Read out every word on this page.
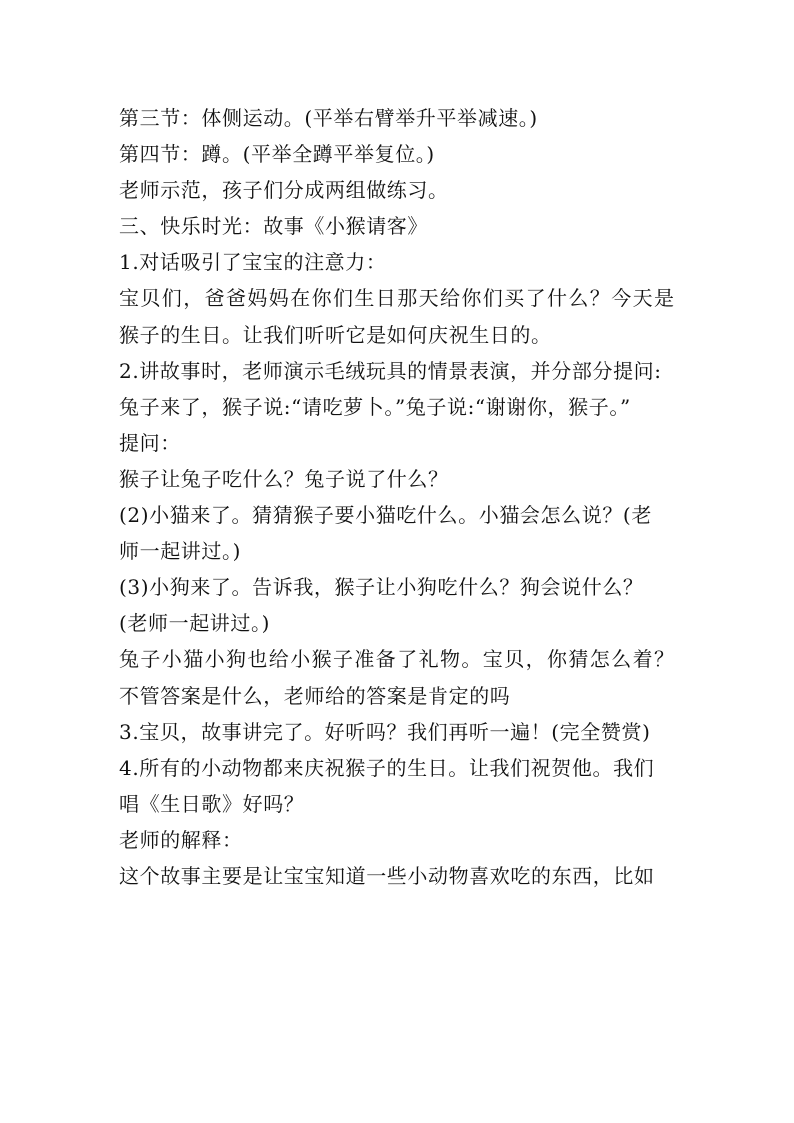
第三节：体侧运动。(平举右臂举升平举减速。)
第四节：蹲。(平举全蹲平举复位。)
老师示范，孩子们分成两组做练习。
三、快乐时光：故事《小猴请客》
1.对话吸引了宝宝的注意力：
宝贝们，爸爸妈妈在你们生日那天给你们买了什么？今天是
猴子的生日。让我们听听它是如何庆祝生日的。
2.讲故事时，老师演示毛绒玩具的情景表演，并分部分提问:
兔子来了，猴子说:“请吃萝卜。”兔子说:“谢谢你，猴子。”
提问：
猴子让兔子吃什么？兔子说了什么？
(2)小猫来了。猜猜猴子要小猫吃什么。小猫会怎么说？(老
师一起讲过。)
(3)小狗来了。告诉我，猴子让小狗吃什么？狗会说什么？
(老师一起讲过。)
兔子小猫小狗也给小猴子准备了礼物。宝贝，你猜怎么着？
不管答案是什么，老师给的答案是肯定的吗
3.宝贝，故事讲完了。好听吗？我们再听一遍！(完全赞赏)
4.所有的小动物都来庆祝猴子的生日。让我们祝贺他。我们
唱《生日歌》好吗？
老师的解释：
这个故事主要是让宝宝知道一些小动物喜欢吃的东西，比如
